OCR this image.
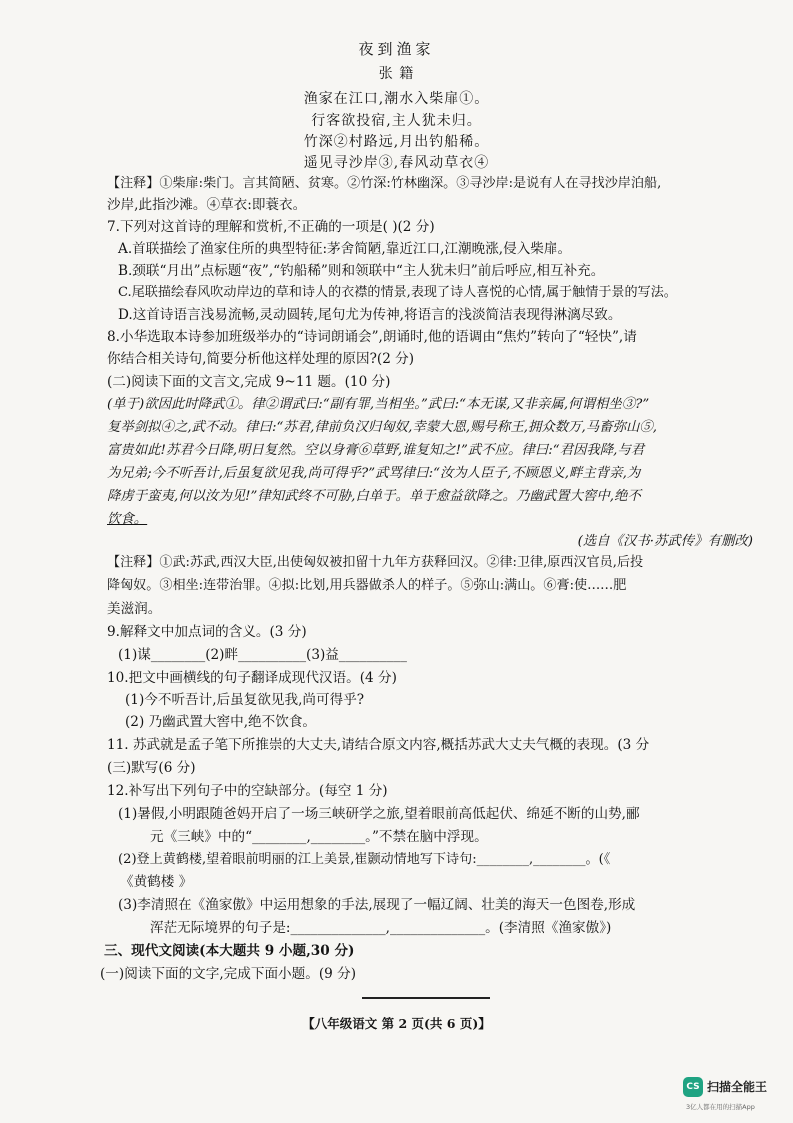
夜到渔家
张 籍
渔家在江口,潮水入柴扉①。
行客欲投宿,主人犹未归。
竹深②村路远,月出钓船稀。
遥见寻沙岸③,春风动草衣④
【注释】①柴扉:柴门。言其简陋、贫寒。②竹深:竹林幽深。③寻沙岸:是说有人在寻找沙岸泊船,
沙岸,此指沙滩。④草衣:即蓑衣。
7.下列对这首诗的理解和赏析,不正确的一项是( )(2 分)
A.首联描绘了渔家住所的典型特征:茅舍简陋,靠近江口,江潮晚涨,侵入柴扉。
B.颈联“月出”点标题“夜”,“钓船稀”则和领联中“主人犹未归”前后呼应,相互补充。
C.尾联描绘春风吹动岸边的草和诗人的衣襟的情景,表现了诗人喜悦的心情,属于触情于景的写法。
D.这首诗语言浅易流畅,灵动圆转,尾句尤为传神,将语言的浅淡简洁表现得淋漓尽致。
8.小华选取本诗参加班级举办的“诗词朗诵会”,朗诵时,他的语调由“焦灼”转向了“轻快”,请
你结合相关诗句,简要分析他这样处理的原因?(2 分)
(二)阅读下面的文言文,完成 9~11 题。(10 分)
(单于)欲因此时降武①。律②谓武曰:“副有罪,当相坐。”武曰:“本无谋,又非亲属,何谓相坐③?”
复举剑拟④之,武不动。律曰:“苏君,律前负汉归匈奴,幸蒙大恩,赐号称王,拥众数万,马畜弥山⑤,
富贵如此!苏君今日降,明日复然。空以身膏⑥草野,谁复知之!”武不应。律曰:“君因我降,与君
为兄弟;今不听吾计,后虽复欲见我,尚可得乎?”武骂律曰:“汝为人臣子,不顾恩义,畔主背亲,为
降虏于蛮夷,何以汝为见!”律知武终不可胁,白单于。单于愈益欲降之。乃幽武置大窖中,绝不
饮食。
(选自《汉书·苏武传》有删改)
【注释】①武:苏武,西汉大臣,出使匈奴被扣留十九年方获释回汉。②律:卫律,原西汉官员,后投
降匈奴。③相坐:连带治罪。④拟:比划,用兵器做杀人的样子。⑤弥山:满山。⑥膏:使……肥
美滋润。
9.解释文中加点词的含义。(3 分)
(1)谋________(2)畔__________(3)益__________
10.把文中画横线的句子翻译成现代汉语。(4 分)
(1)今不听吾计,后虽复欲见我,尚可得乎?
(2) 乃幽武置大窖中,绝不饮食。
11. 苏武就是孟子笔下所推崇的大丈夫,请结合原文内容,概括苏武大丈夫气概的表现。(3 分
(三)默写(6 分)
12.补写出下列句子中的空缺部分。(每空 1 分)
(1)暑假,小明跟随爸妈开启了一场三峡研学之旅,望着眼前高低起伏、绵延不断的山势,郦
元《三峡》中的“________,________。”不禁在脑中浮现。
(2)登上黄鹤楼,望着眼前明丽的江上美景,崔颢动情地写下诗句:________,________。(《
《黄鹤楼 》
(3)李清照在《渔家傲》中运用想象的手法,展现了一幅辽阔、壮美的海天一色图卷,形成
浑茫无际境界的句子是:______________,______________。(李清照《渔家傲》)
三、现代文阅读(本大题共 9 小题,30 分)
(一)阅读下面的文字,完成下面小题。(9 分)
【八年级语文 第 2 页(共 6 页)】
CS 扫描全能王
3亿人都在用的扫描App
